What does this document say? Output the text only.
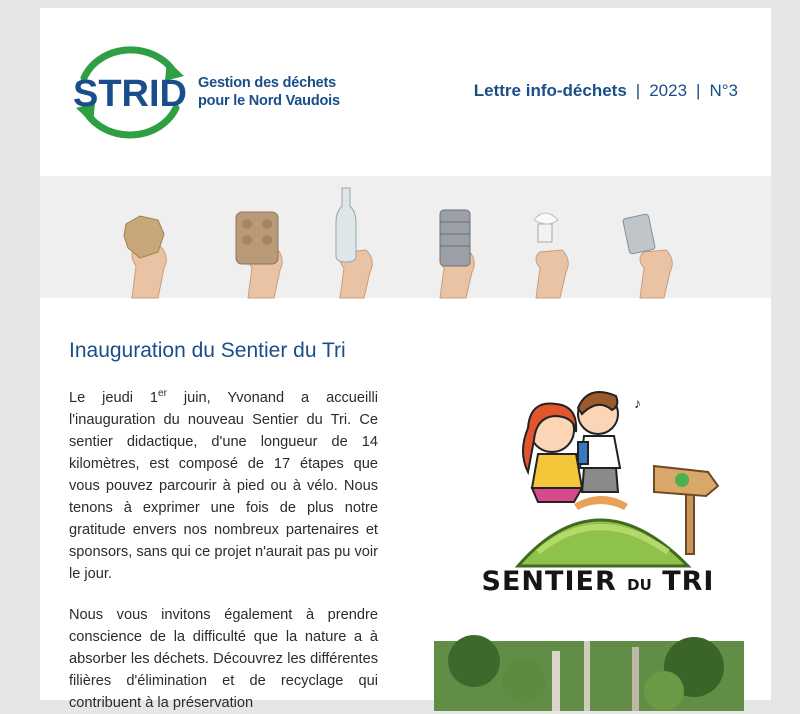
STRID Gestion des déchets
pour le Nord Vaudois
Lettre info-déchets | 2023 | N°3
Inauguration du Sentier du Tri
Le jeudi 1er juin, Yvonand a accueilli l'inauguration du nouveau Sentier du Tri. Ce sentier didactique, d'une longueur de 14 kilomètres, est composé de 17 étapes que vous pouvez parcourir à pied ou à vélo. Nous tenons à exprimer une fois de plus notre gratitude envers nos nombreux partenaires et sponsors, sans qui ce projet n'aurait pas pu voir le jour.
Nous vous invitons également à prendre conscience de la difficulté que la nature a à absorber les déchets. Découvrez les différentes filières d'élimination et de recyclage qui contribuent à la préservation
♪
SENTIER DU TRI
